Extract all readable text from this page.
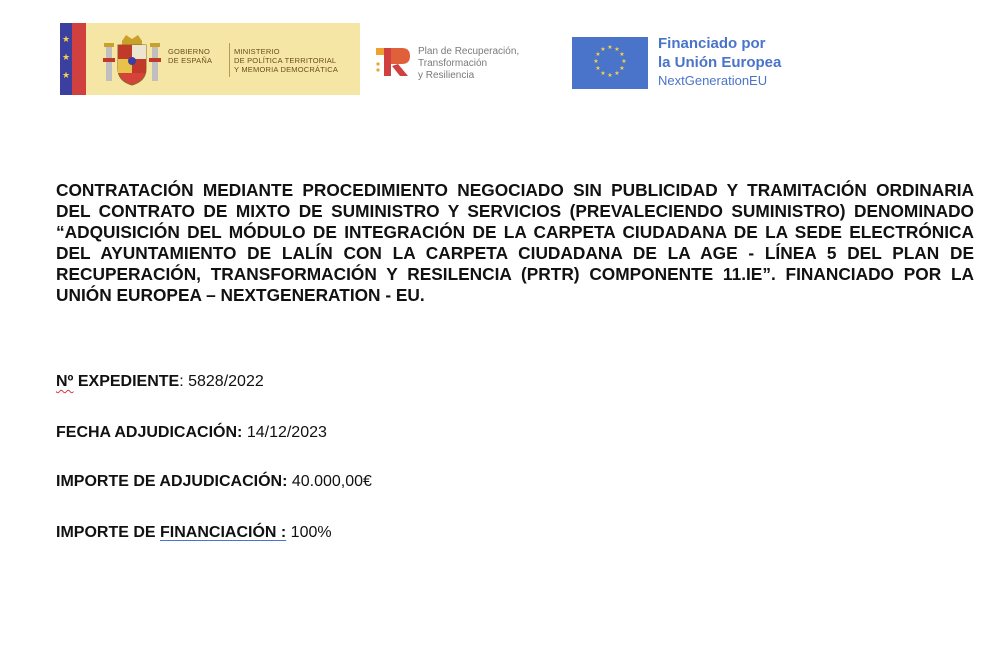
★
★
★
GOBIERNO
DE ESPAÑA
MINISTERIO
DE POLÍTICA TERRITORIAL
Y MEMORIA DEMOCRÁTICA
Plan de Recuperación,
Transformación
y Resiliencia
★ ★
★
★
★
★
★
★
★
★
★
★	Financiado por
la Unión Europea
NextGenerationEU

CONTRATACIÓN MEDIANTE PROCEDIMIENTO NEGOCIADO SIN PUBLICIDAD Y TRAMITACIÓN ORDINARIA DEL CONTRATO DE MIXTO DE SUMINISTRO Y SERVICIOS (PREVALECIENDO SUMINISTRO) DENOMINADO “ADQUISICIÓN DEL MÓDULO DE INTEGRACIÓN DE LA CARPETA CIUDADANA DE LA SEDE ELECTRÓNICA DEL AYUNTAMIENTO DE LALÍN CON LA CARPETA CIUDADANA DE LA AGE - LÍNEA 5 DEL PLAN DE RECUPERACIÓN, TRANSFORMACIÓN Y RESILENCIA (PRTR) COMPONENTE 11.IE”. FINANCIADO POR LA UNIÓN EUROPEA – NEXTGENERATION - EU.

Nº EXPEDIENTE: 5828/2022
FECHA ADJUDICACIÓN: 14/12/2023
IMPORTE DE ADJUDICACIÓN: 40.000,00€
IMPORTE DE FINANCIACIÓN : 100%
